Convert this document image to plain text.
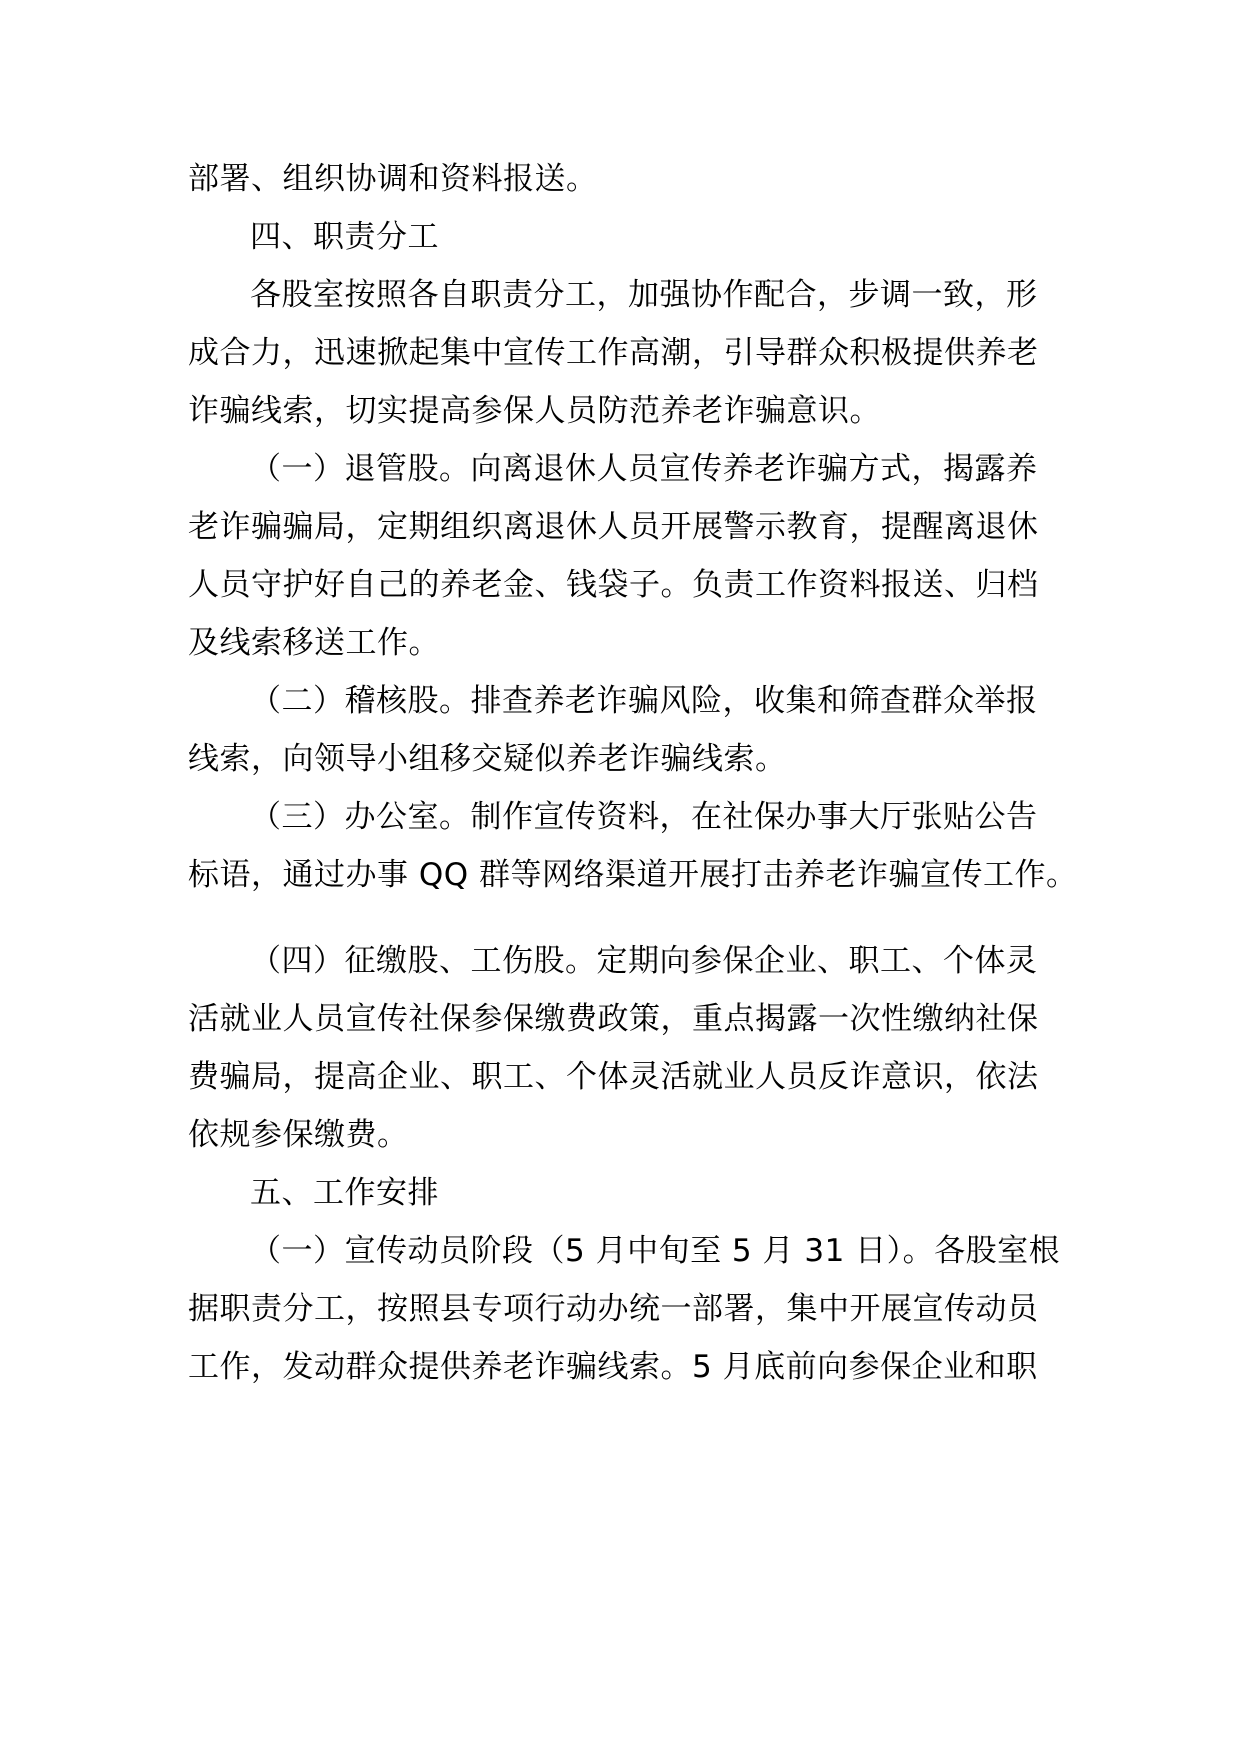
部署、组织协调和资料报送。
四、职责分工
各股室按照各自职责分工，加强协作配合，步调一致，形
成合力，迅速掀起集中宣传工作高潮，引导群众积极提供养老
诈骗线索，切实提高参保人员防范养老诈骗意识。
（一）退管股。向离退休人员宣传养老诈骗方式，揭露养
老诈骗骗局，定期组织离退休人员开展警示教育，提醒离退休
人员守护好自己的养老金、钱袋子。负责工作资料报送、归档
及线索移送工作。
（二）稽核股。排查养老诈骗风险，收集和筛查群众举报
线索，向领导小组移交疑似养老诈骗线索。
（三）办公室。制作宣传资料，在社保办事大厅张贴公告
标语，通过办事 QQ 群等网络渠道开展打击养老诈骗宣传工作。
（四）征缴股、工伤股。定期向参保企业、职工、个体灵
活就业人员宣传社保参保缴费政策，重点揭露一次性缴纳社保
费骗局，提高企业、职工、个体灵活就业人员反诈意识，依法
依规参保缴费。
五、工作安排
（一）宣传动员阶段（5 月中旬至 5 月 31 日）。各股室根
据职责分工，按照县专项行动办统一部署，集中开展宣传动员
工作，发动群众提供养老诈骗线索。5 月底前向参保企业和职
